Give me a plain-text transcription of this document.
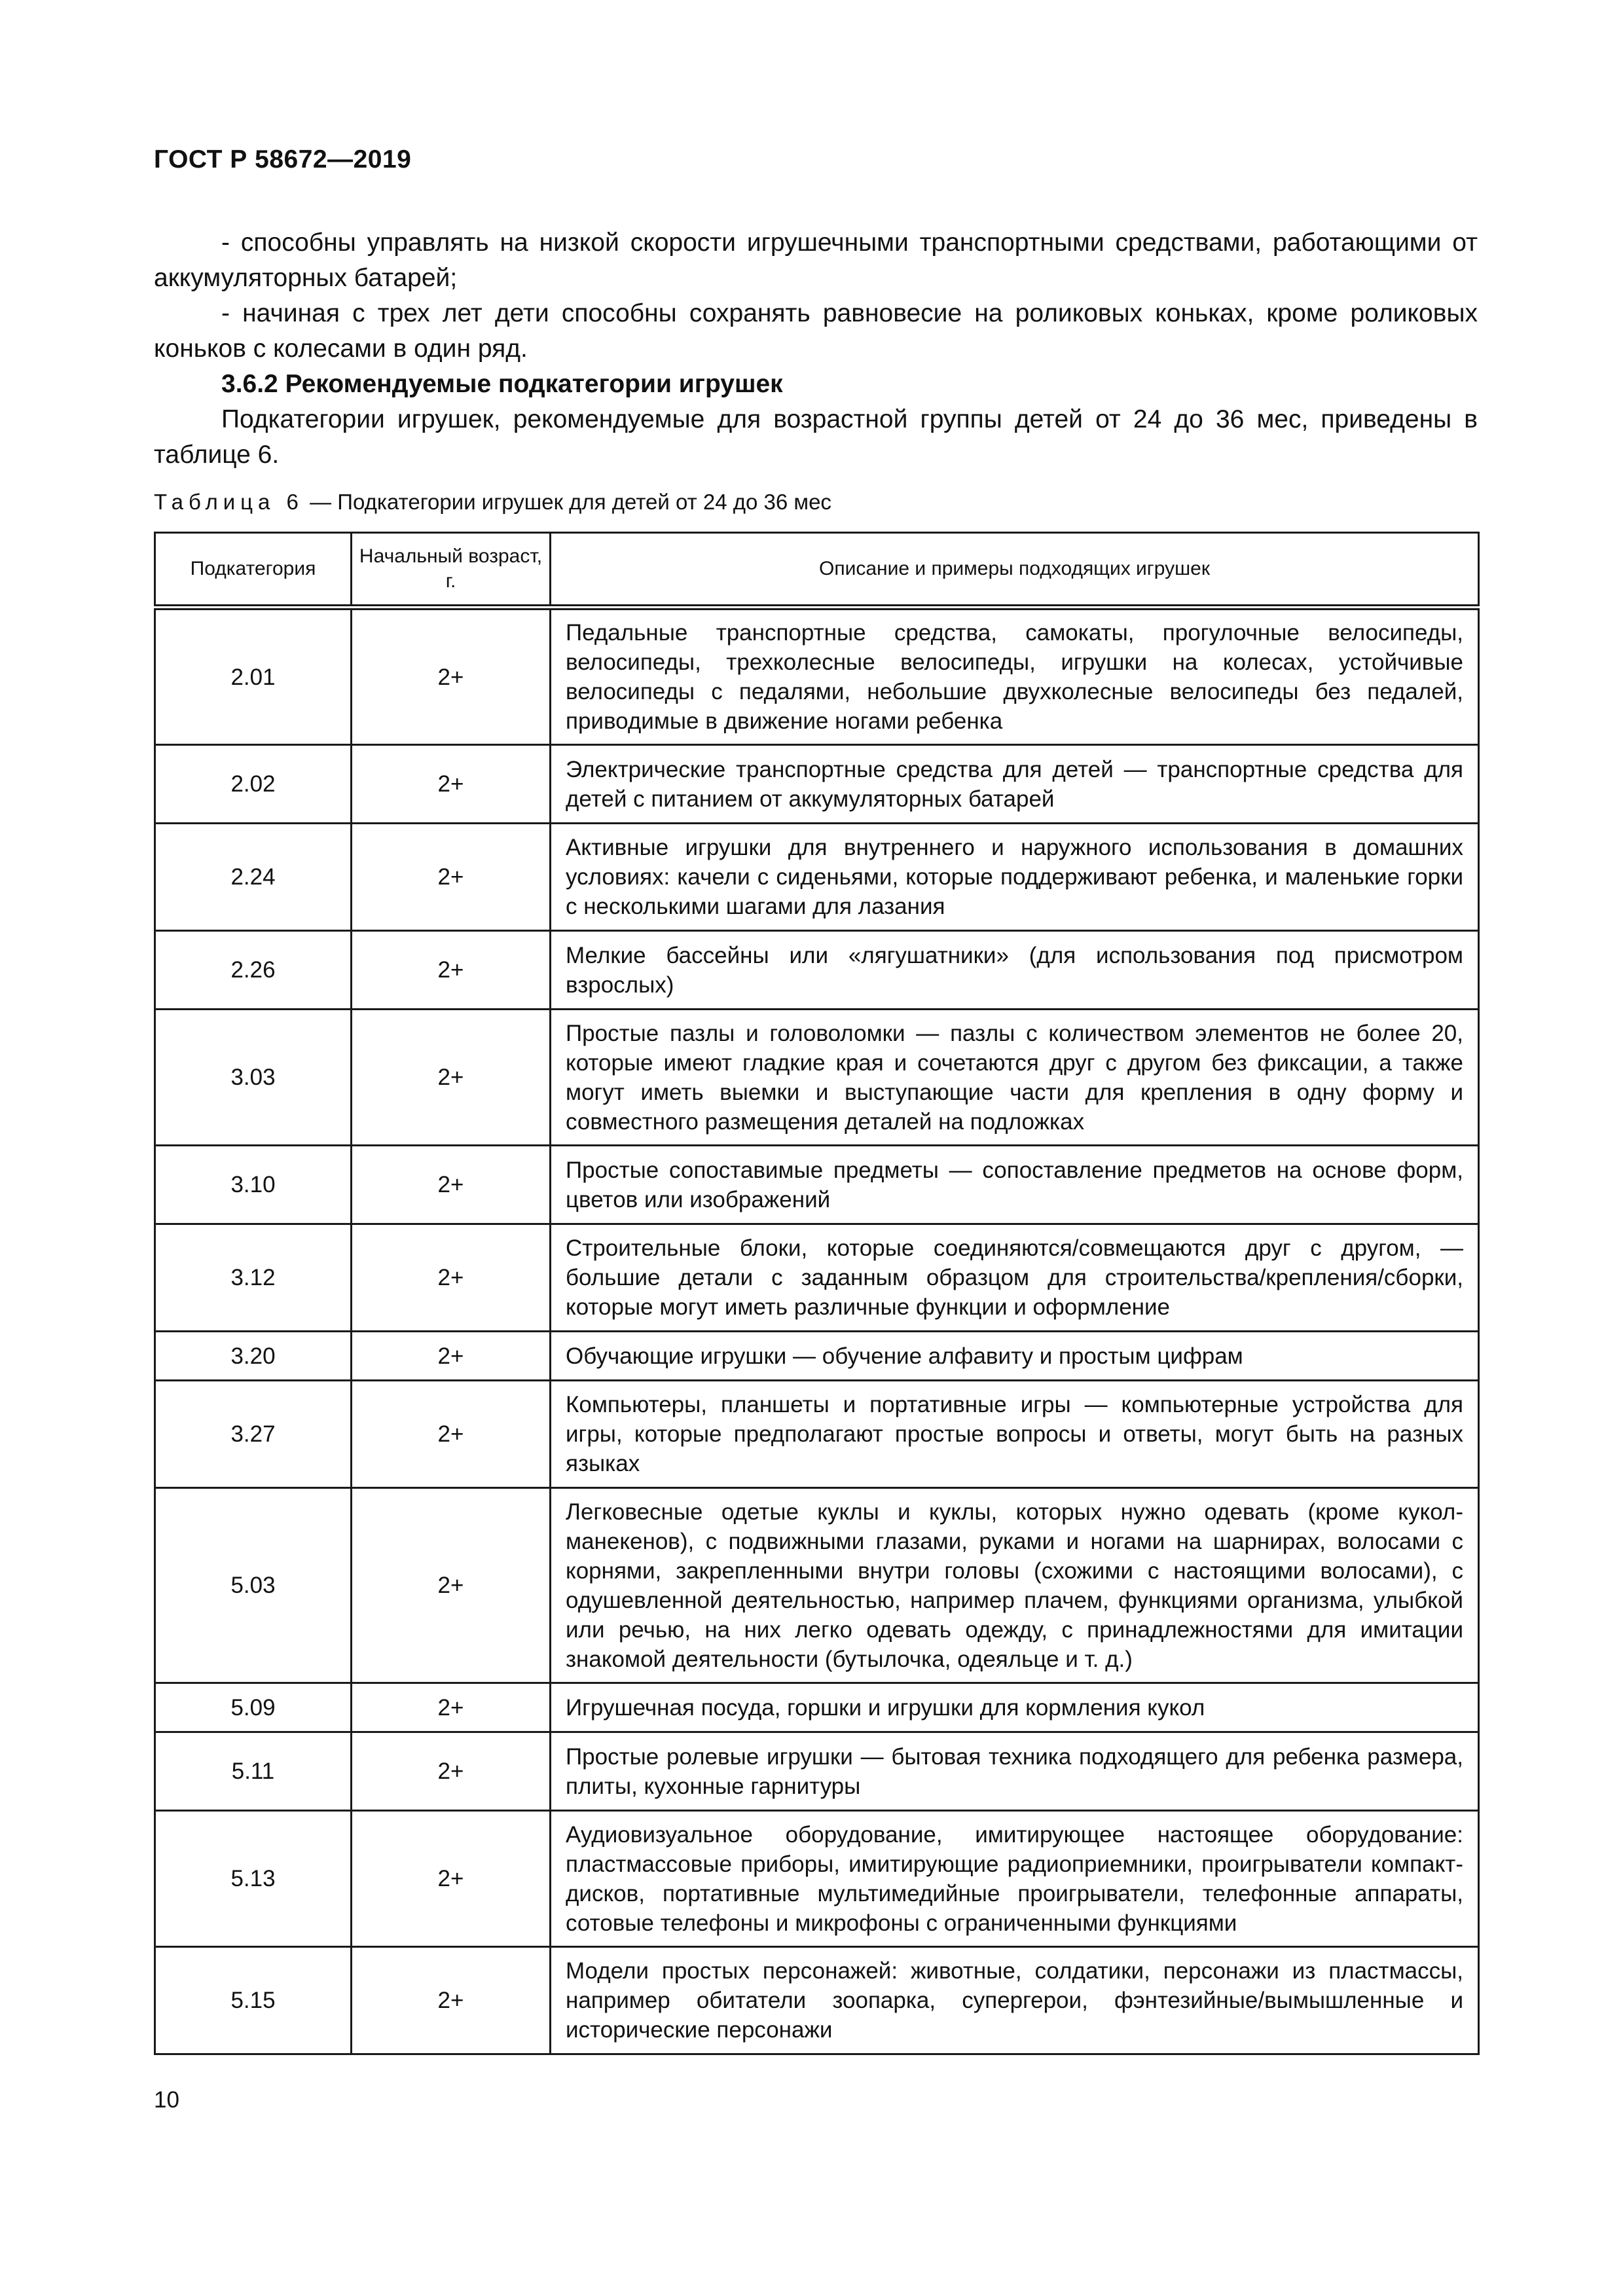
ГОСТ Р 58672—2019

- способны управлять на низкой скорости игрушечными транспортными средствами, работающими от аккумуляторных батарей;

- начиная с трех лет дети способны сохранять равновесие на роликовых коньках, кроме роликовых коньков с колесами в один ряд.

3.6.2 Рекомендуемые подкатегории игрушек

Подкатегории игрушек, рекомендуемые для возрастной группы детей от 24 до 36 мес, приведены в таблице 6.

Таблица 6 — Подкатегории игрушек для детей от 24 до 36 мес
Подкатегория	Начальный возраст, г.	Описание и примеры подходящих игрушек
2.01	2+	Педальные транспортные средства, самокаты, прогулочные велосипеды, велосипеды, трехколесные велосипеды, игрушки на колесах, устойчивые велосипеды с педалями, небольшие двухколесные велосипеды без педалей, приводимые в движение ногами ребенка
2.02	2+	Электрические транспортные средства для детей — транспортные средства для детей с питанием от аккумуляторных батарей
2.24	2+	Активные игрушки для внутреннего и наружного использования в домашних условиях: качели с сиденьями, которые поддерживают ребенка, и маленькие горки с несколькими шагами для лазания
2.26	2+	Мелкие бассейны или «лягушатники» (для использования под присмотром взрослых)
3.03	2+	Простые пазлы и головоломки — пазлы с количеством элементов не более 20, которые имеют гладкие края и сочетаются друг с другом без фиксации, а также могут иметь выемки и выступающие части для крепления в одну форму и совместного размещения деталей на подложках
3.10	2+	Простые сопоставимые предметы — сопоставление предметов на основе форм, цветов или изображений
3.12	2+	Строительные блоки, которые соединяются/совмещаются друг с другом, — большие детали с заданным образцом для строительства/крепления/сборки, которые могут иметь различные функции и оформление
3.20	2+	Обучающие игрушки — обучение алфавиту и простым цифрам
3.27	2+	Компьютеры, планшеты и портативные игры — компьютерные устройства для игры, которые предполагают простые вопросы и ответы, могут быть на разных языках
5.03	2+	Легковесные одетые куклы и куклы, которых нужно одевать (кроме кукол-манекенов), с подвижными глазами, руками и ногами на шарнирах, волосами с корнями, закрепленными внутри головы (схожими с настоящими волосами), с одушевленной деятельностью, например плачем, функциями организма, улыбкой или речью, на них легко одевать одежду, с принадлежностями для имитации знакомой деятельности (бутылочка, одеяльце и т. д.)
5.09	2+	Игрушечная посуда, горшки и игрушки для кормления кукол
5.11	2+	Простые ролевые игрушки — бытовая техника подходящего для ребенка размера, плиты, кухонные гарнитуры
5.13	2+	Аудиовизуальное оборудование, имитирующее настоящее оборудование: пластмассовые приборы, имитирующие радиоприемники, проигрыватели компакт-дисков, портативные мультимедийные проигрыватели, телефонные аппараты, сотовые телефоны и микрофоны с ограниченными функциями
5.15	2+	Модели простых персонажей: животные, солдатики, персонажи из пластмассы, например обитатели зоопарка, супергерои, фэнтезийные/вымышленные и исторические персонажи
10
